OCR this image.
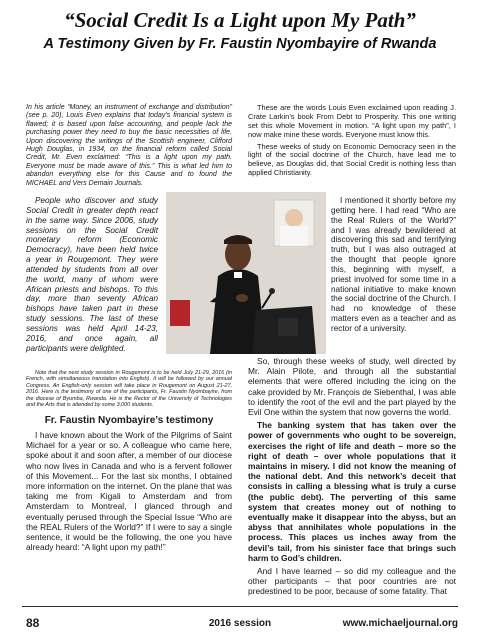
“Social Credit Is a Light upon My Path”
A Testimony Given by Fr. Faustin Nyombayire of Rwanda

In his article “Money, an instrument of exchange and distribution” (see p. 20), Louis Even explains that today’s financial system is flawed; it is based upon false accounting, and people lack the purchasing power they need to buy the basic necessities of life. Upon discovering the writings of the Scottish engineer, Clifford Hugh Douglas, in 1934, on the financial reform called Social Credit, Mr. Even exclaimed: “This is a light upon my path. Everyone must be made aware of this.” This is what led him to abandon everything else for this Cause and to found the MICHAEL and Vers Demain Journals.

People who discover and study Social Credit in greater depth react in the same way. Since 2006, study sessions on the Social Credit monetary reform (Economic Democracy), have been held twice a year in Rougemont. They were attended by students from all over the world, many of whom were African priests and bishops. To this day, more than seventy African bishops have taken part in these study sessions. The last of these sessions was held April 14-23, 2016, and once again, all participants were delighted.

Note that the next study session in Rougemont is to be held July 21-29, 2016 (in French, with simultaneous translation into English). It will be followed by our annual Congress. An English-only session will take place in Rougemont on August 21-27, 2016. Here is the testimony of one of the participants, Fr. Faustin Nyombayire, from the diocese of Byumba, Rwanda. He is the Rector of the University of Technologies and the Arts that is attended by some 3,000 students.

Fr. Faustin Nyombayire’s testimony

I have known about the Work of the Pilgrims of Saint Michael for a year or so. A colleague who came here, spoke about it and soon after, a member of our diocese who now lives in Canada and who is a fervent follower of this Movement... For the last six months, I obtained more information on the internet. On the plane that was taking me from Kigali to Amsterdam and from Amsterdam to Montreal, I glanced through and eventually perused through the Special Issue “Who are the REAL Rulers of the World?” If I were to say a single sentence, it would be the following, the one you have already heard: “A light upon my path!”

These are the words Louis Even exclaimed upon reading J. Crate Larkin’s book From Debt to Prosperity. This one writing set this whole Movement in motion. “A light upon my path”, I now make mine these words. Everyone must know this.

These weeks of study on Economic Democracy seen in the light of the social doctrine of the Church, have lead me to believe, as Douglas did, that Social Credit is nothing less than applied Christianity.

I mentioned it shortly before my getting here. I had read “Who are the Real Rulers of the World?” and I was already bewildered at discovering this sad and terrifying truth, but I was also outraged at the thought that people ignore this, beginning with myself, a priest involved for some time in a national initiative to make known the social doctrine of the Church. I had no knowledge of these matters even as a teacher and as rector of a university.

So, through these weeks of study, well directed by Mr. Alain Pilote, and through all the substantial elements that were offered including the icing on the cake provided by Mr. François de Siebenthal, I was able to identify the root of the evil and the part played by the Evil One within the system that now governs the world.

The banking system that has taken over the power of governments who ought to be sovereign, exercises the right of life and death – more so the right of death – over whole populations that it maintains in misery. I did not know the meaning of the national debt. And this network’s deceit that consists in calling a blessing what is truly a curse (the public debt). The perverting of this same system that creates money out of nothing to eventually make it disappear into the abyss, but an abyss that annihilates whole populations in the process. This places us inches away from the devil’s tail, from his sinister face that brings such harm to God’s children.

And I have learned – so did my colleague and the other participants – that poor countries are not predestined to be poor, because of some fatality. That

88	2016 session	www.michaeljournal.org
